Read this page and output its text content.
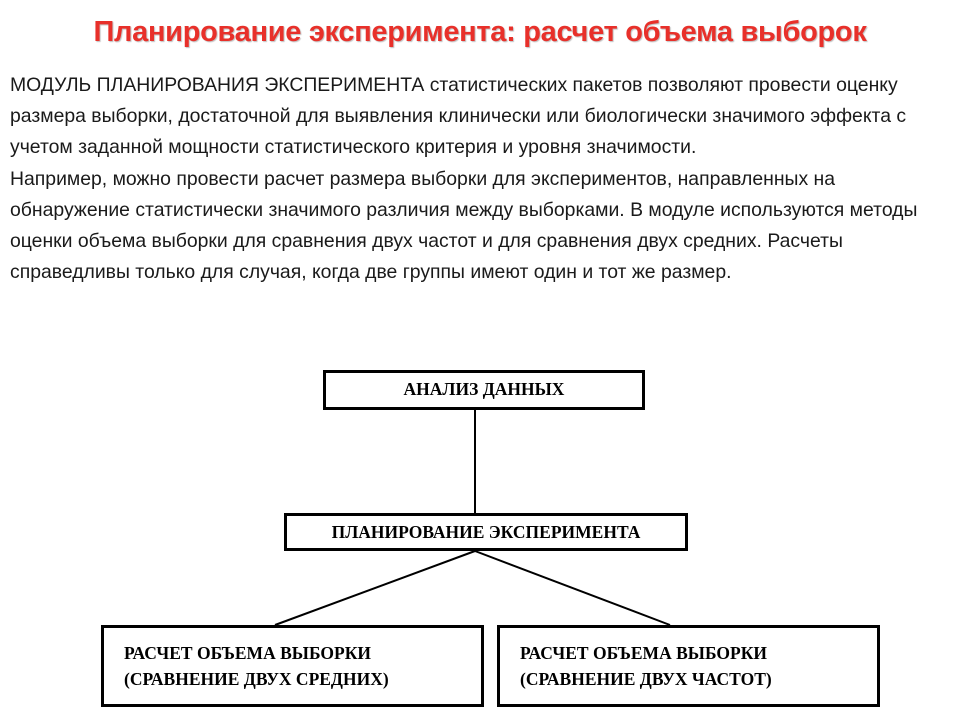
Планирование эксперимента: расчет объема выборок

МОДУЛЬ ПЛАНИРОВАНИЯ ЭКСПЕРИМЕНТА статистических пакетов позволяют провести оценку размера выборки, достаточной для выявления клинически или биологически значимого эффекта с учетом заданной мощности статистического критерия и уровня значимости.

Например, можно провести расчет размера выборки для экспериментов, направленных на обнаружение статистически значимого различия между выборками. В модуле используются методы оценки объема выборки для сравнения двух частот и для сравнения двух средних. Расчеты справедливы только для случая, когда две группы имеют один и тот же размер.

АНАЛИЗ ДАННЫХ
ПЛАНИРОВАНИЕ ЭКСПЕРИМЕНТА
РАСЧЕТ ОБЪЕМА ВЫБОРКИ
(СРАВНЕНИЕ ДВУХ СРЕДНИХ)
РАСЧЕТ ОБЪЕМА ВЫБОРКИ
(СРАВНЕНИЕ ДВУХ ЧАСТОТ)
